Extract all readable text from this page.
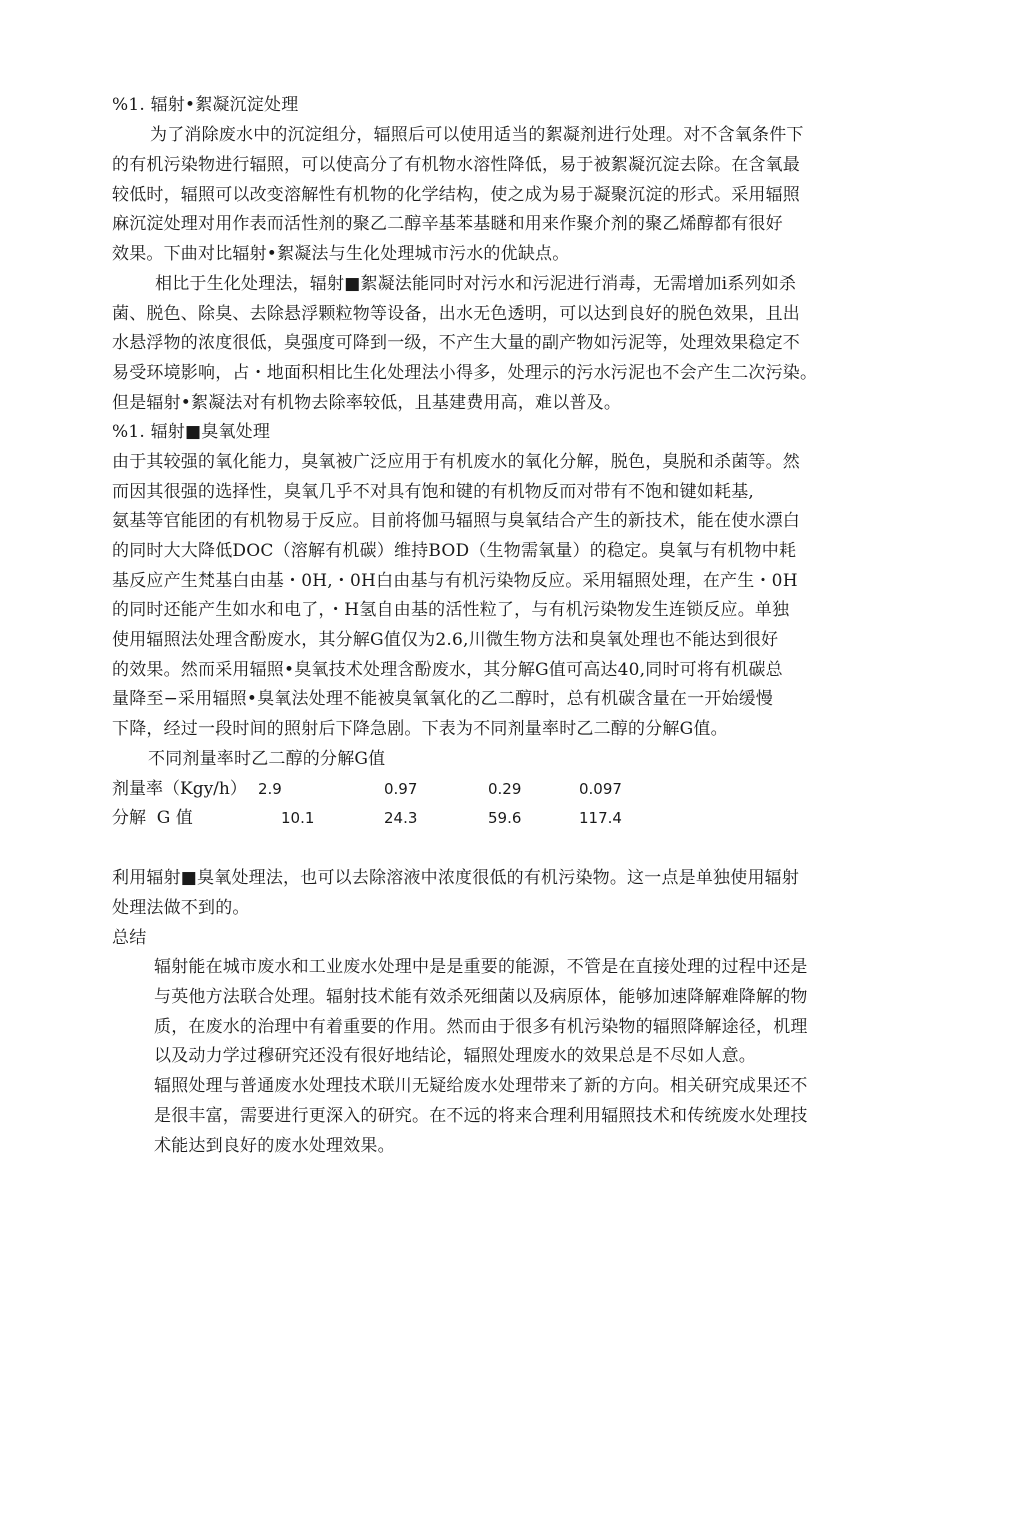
%1. 辐射•絮凝沉淀处理
为了消除废水中的沉淀组分，辐照后可以使用适当的絮凝剂进行处理。对不含氧条件下
的有机污染物进行辐照，可以使高分了有机物水溶性降低，易于被絮凝沉淀去除。在含氧最
较低时，辐照可以改变溶解性有机物的化学结构，使之成为易于凝聚沉淀的形式。采用辐照
麻沉淀处理对用作表而活性剂的聚乙二醇辛基苯基瞇和用来作聚介剂的聚乙烯醇都有很好
效果。下曲对比辐射•絮凝法与生化处理城市污水的优缺点。
相比于生化处理法，辐射■絮凝法能同时对污水和污泥进行消毒，无需增加i系列如杀
菌、脱色、除臭、去除悬浮颗粒物等设备，出水无色透明，可以达到良好的脱色效果，且出
水悬浮物的浓度很低，臭强度可降到一级，不产生大量的副产物如污泥等，处理效果稳定不
易受环境影响，占・地面积相比生化处理法小得多，处理示的污水污泥也不会产生二次污染。
但是辐射•絮凝法对有机物去除率较低，且基建费用高，难以普及。
%1. 辐射■臭氧处理
由于其较强的氧化能力，臭氧被广泛应用于有机废水的氧化分解，脱色，臭脱和杀菌等。然
而因其很强的选择性，臭氧几乎不对具有饱和键的有机物反而对带有不饱和键如耗基,
氨基等官能团的有机物易于反应。目前将伽马辐照与臭氧结合产生的新技术，能在使水漂白
的同时大大降低DOC（溶解有机碳）维持BOD（生物需氧量）的稳定。臭氧与有机物中耗
基反应产生梵基白由基・0H,・0H白由基与有机污染物反应。采用辐照处理，在产生・0H
的同时还能产生如水和电了，・H氢自由基的活性粒了，与有机污染物发生连锁反应。单独
使用辐照法处理含酚废水，其分解G值仅为2.6,川微生物方法和臭氧处理也不能达到很好
的效果。然而采用辐照•臭氧技术处理含酚废水，其分解G值可高达40,同时可将有机碳总
量降至−采用辐照•臭氧法处理不能被臭氧氧化的乙二醇时，总有机碳含量在一开始缓慢
下降，经过一段时间的照射后下降急剧。下表为不同剂量率时乙二醇的分解G值。
不同剂量率时乙二醇的分解G值
剂量率（Kgy/h） 2.9	0.97	0.29	0.097
分解  G 值	10.1	24.3	59.6	117.4
利用辐射■臭氧处理法，也可以去除溶液中浓度很低的有机污染物。这一点是单独使用辐射
处理法做不到的。
总结
辐射能在城市废水和工业废水处理中是是重要的能源，不管是在直接处理的过程中还是
与英他方法联合处理。辐射技术能有效杀死细菌以及病原体，能够加速降解难降解的物
质，在废水的治理中有着重要的作用。然而由于很多有机污染物的辐照降解途径，机理
以及动力学过穆研究还没有很好地结论，辐照处理废水的效果总是不尽如人意。
辐照处理与普通废水处理技术联川无疑给废水处理带来了新的方向。相关研究成果还不
是很丰富，需要进行更深入的研究。在不远的将来合理利用辐照技术和传统废水处理技
术能达到良好的废水处理效果。
